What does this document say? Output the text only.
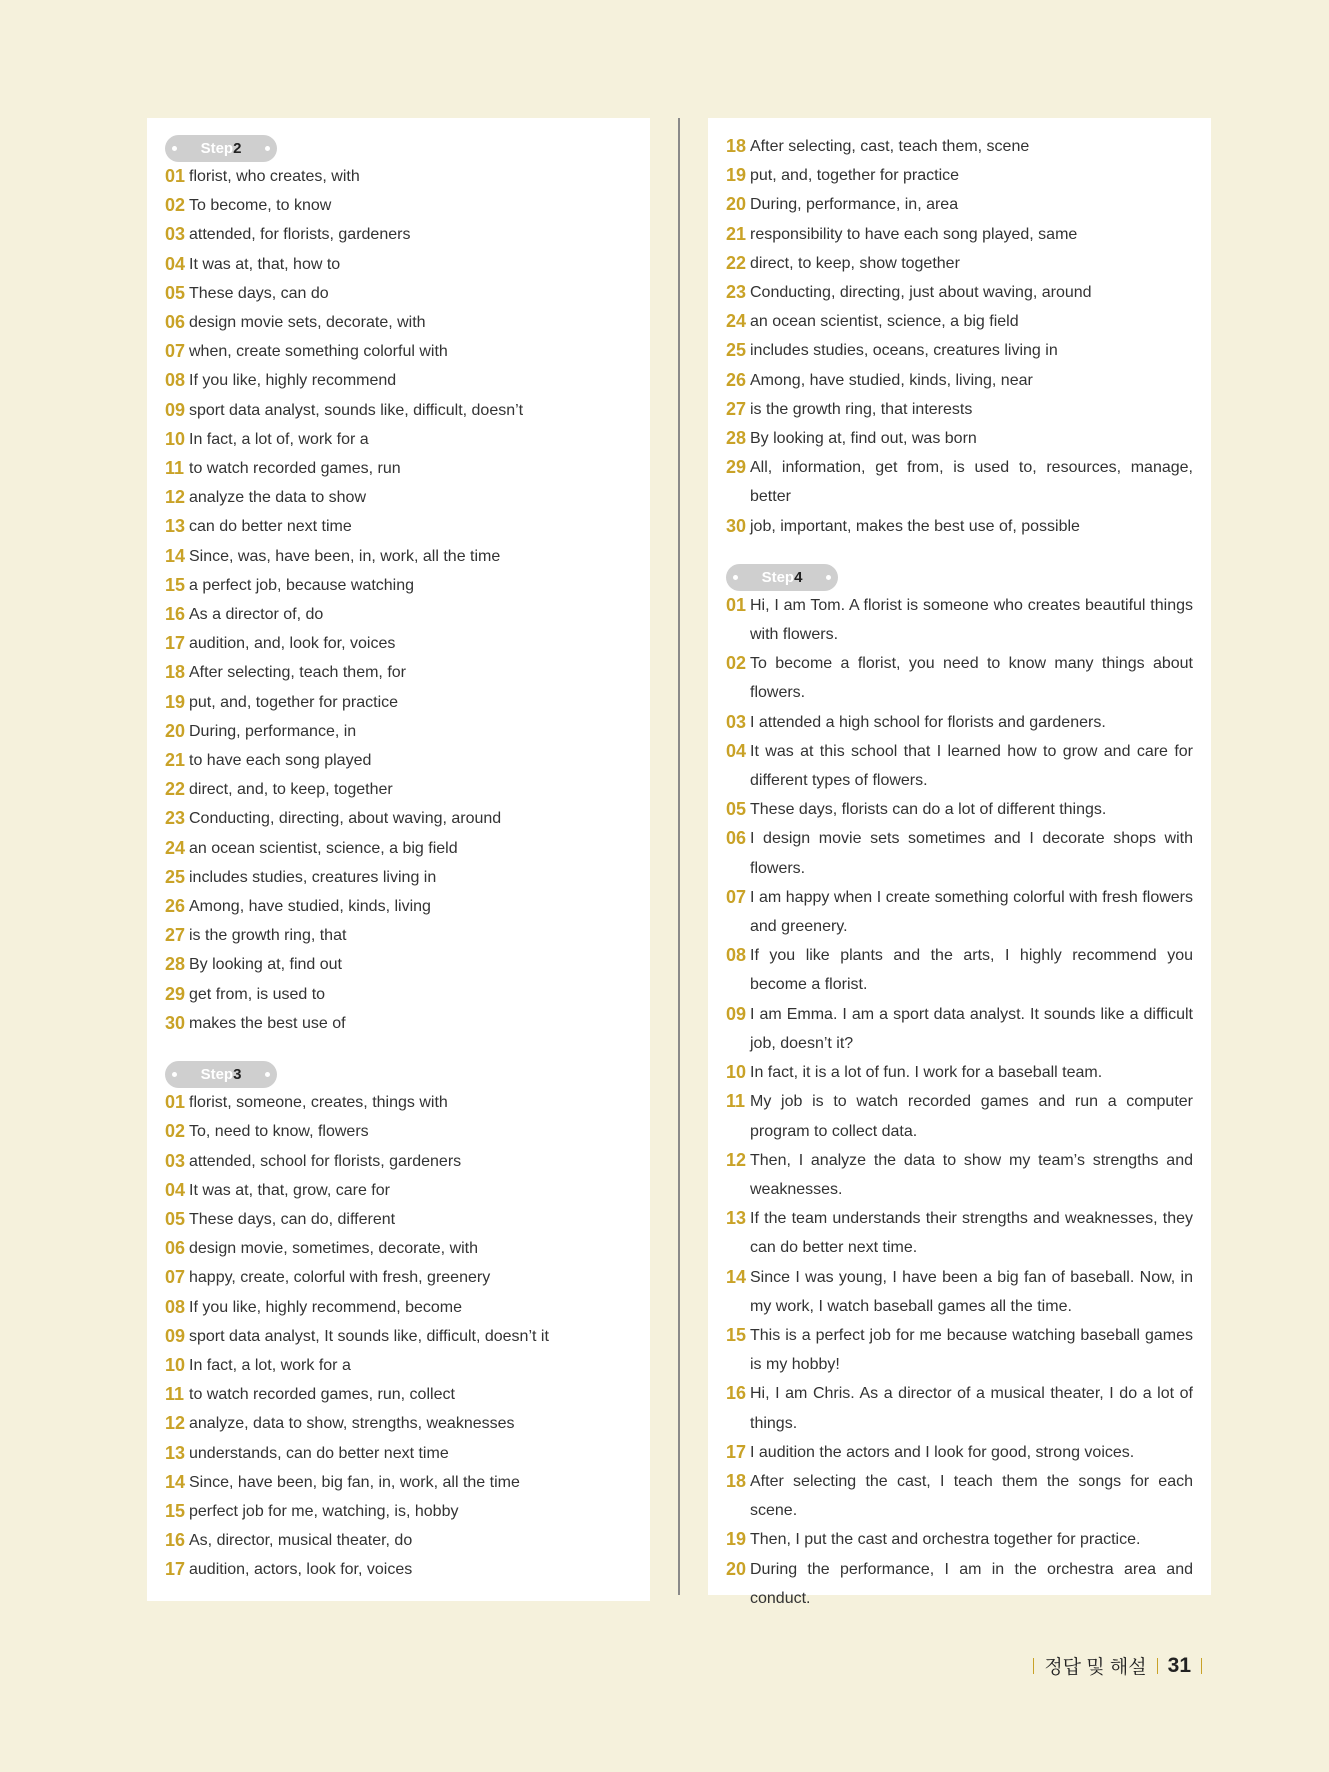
Step2
01 florist, who creates, with
02 To become, to know
03 attended, for florists, gardeners
04 It was at, that, how to
05 These days, can do
06 design movie sets, decorate, with
07 when, create something colorful with
08 If you like, highly recommend
09 sport data analyst, sounds like, difficult, doesn’t
10 In fact, a lot of, work for a
11 to watch recorded games, run
12 analyze the data to show
13 can do better next time
14 Since, was, have been, in, work, all the time
15 a perfect job, because watching
16 As a director of, do
17 audition, and, look for, voices
18 After selecting, teach them, for
19 put, and, together for practice
20 During, performance, in
21 to have each song played
22 direct, and, to keep, together
23 Conducting, directing, about waving, around
24 an ocean scientist, science, a big field
25 includes studies, creatures living in
26 Among, have studied, kinds, living
27 is the growth ring, that
28 By looking at, find out
29 get from, is used to
30 makes the best use of
Step3
01 florist, someone, creates, things with
02 To, need to know, flowers
03 attended, school for florists, gardeners
04 It was at, that, grow, care for
05 These days, can do, different
06 design movie, sometimes, decorate, with
07 happy, create, colorful with fresh, greenery
08 If you like, highly recommend, become
09 sport data analyst, It sounds like, difficult, doesn’t it
10 In fact, a lot, work for a
11 to watch recorded games, run, collect
12 analyze, data to show, strengths, weaknesses
13 understands, can do better next time
14 Since, have been, big fan, in, work, all the time
15 perfect job for me, watching, is, hobby
16 As, director, musical theater, do
17 audition, actors, look for, voices
18 After selecting, cast, teach them, scene
19 put, and, together for practice
20 During, performance, in, area
21 responsibility to have each song played, same
22 direct, to keep, show together
23 Conducting, directing, just about waving, around
24 an ocean scientist, science, a big field
25 includes studies, oceans, creatures living in
26 Among, have studied, kinds, living, near
27 is the growth ring, that interests
28 By looking at, find out, was born
29 All, information, get from, is used to, resources, manage, better
30 job, important, makes the best use of, possible
Step4
01 Hi, I am Tom. A florist is someone who creates beautiful things with flowers.
02 To become a florist, you need to know many things about flowers.
03 I attended a high school for florists and gardeners.
04 It was at this school that I learned how to grow and care for different types of flowers.
05 These days, florists can do a lot of different things.
06 I design movie sets sometimes and I decorate shops with flowers.
07 I am happy when I create something colorful with fresh flowers and greenery.
08 If you like plants and the arts, I highly recommend you become a florist.
09 I am Emma. I am a sport data analyst. It sounds like a difficult job, doesn’t it?
10 In fact, it is a lot of fun. I work for a baseball team.
11 My job is to watch recorded games and run a computer program to collect data.
12 Then, I analyze the data to show my team’s strengths and weaknesses.
13 If the team understands their strengths and weaknesses, they can do better next time.
14 Since I was young, I have been a big fan of baseball. Now, in my work, I watch baseball games all the time.
15 This is a perfect job for me because watching baseball games is my hobby!
16 Hi, I am Chris. As a director of a musical theater, I do a lot of things.
17 I audition the actors and I look for good, strong voices.
18 After selecting the cast, I teach them the songs for each scene.
19 Then, I put the cast and orchestra together for practice.
20 During the performance, I am in the orchestra area and conduct.
정답 및 해설 31
